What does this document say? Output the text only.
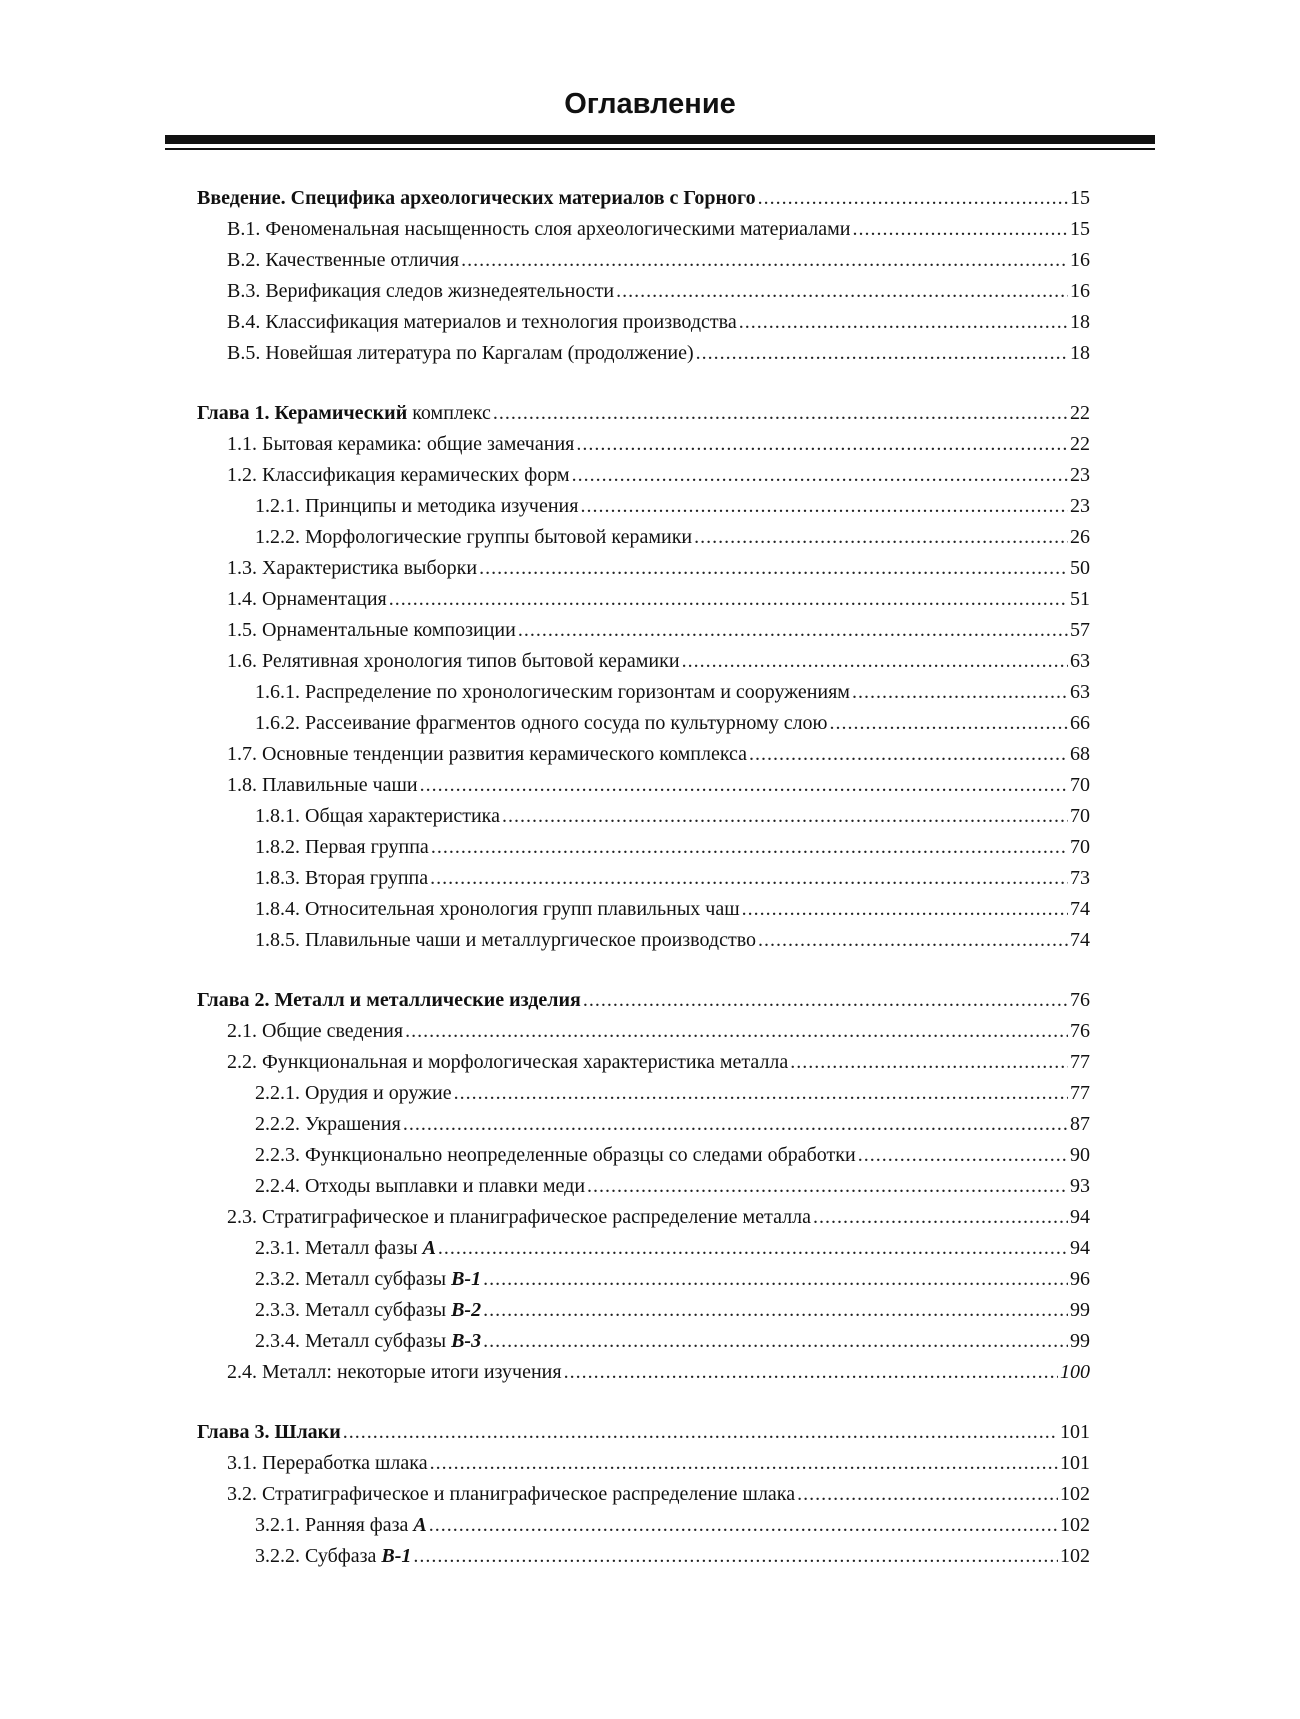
Оглавление
Введение. Специфика археологических материалов с Горного .....	15
В.1. Феноменальная насыщенность слоя археологическими материалами .....	15
В.2. Качественные отличия .....	16
В.3. Верификация следов жизнедеятельности .....	16
В.4. Классификация материалов и технология производства .....	18
В.5. Новейшая литература по Каргалам (продолжение) .....	18
Глава 1. Керамический комплекс .....	22
1.1. Бытовая керамика: общие замечания .....	22
1.2. Классификация керамических форм .....	23
1.2.1. Принципы и методика изучения .....	23
1.2.2. Морфологические группы бытовой керамики .....	26
1.3. Характеристика выборки .....	50
1.4. Орнаментация .....	51
1.5. Орнаментальные композиции .....	57
1.6. Релятивная хронология типов бытовой керамики .....	63
1.6.1. Распределение по хронологическим горизонтам и сооружениям .....	63
1.6.2. Рассеивание фрагментов одного сосуда по культурному слою .....	66
1.7. Основные тенденции развития керамического комплекса .....	68
1.8. Плавильные чаши .....	70
1.8.1. Общая характеристика .....	70
1.8.2. Первая группа .....	70
1.8.3. Вторая группа .....	73
1.8.4. Относительная хронология групп плавильных чаш .....	74
1.8.5. Плавильные чаши и металлургическое производство .....	74
Глава 2. Металл и металлические изделия .....	76
2.1. Общие сведения .....	76
2.2. Функциональная и морфологическая характеристика металла .....	77
2.2.1. Орудия и оружие .....	77
2.2.2. Украшения .....	87
2.2.3. Функционально неопределенные образцы со следами обработки .....	90
2.2.4. Отходы выплавки и плавки меди .....	93
2.3. Стратиграфическое и планиграфическое распределение металла .....	94
2.3.1. Металл фазы A .....	94
2.3.2. Металл субфазы B-1 .....	96
2.3.3. Металл субфазы B-2 .....	99
2.3.4. Металл субфазы B-3 .....	99
2.4. Металл: некоторые итоги изучения .....	100
Глава 3. Шлаки .....	101
3.1. Переработка шлака .....	101
3.2. Стратиграфическое и планиграфическое распределение шлака .....	102
3.2.1. Ранняя фаза A .....	102
3.2.2. Субфаза B-1 .....	102
